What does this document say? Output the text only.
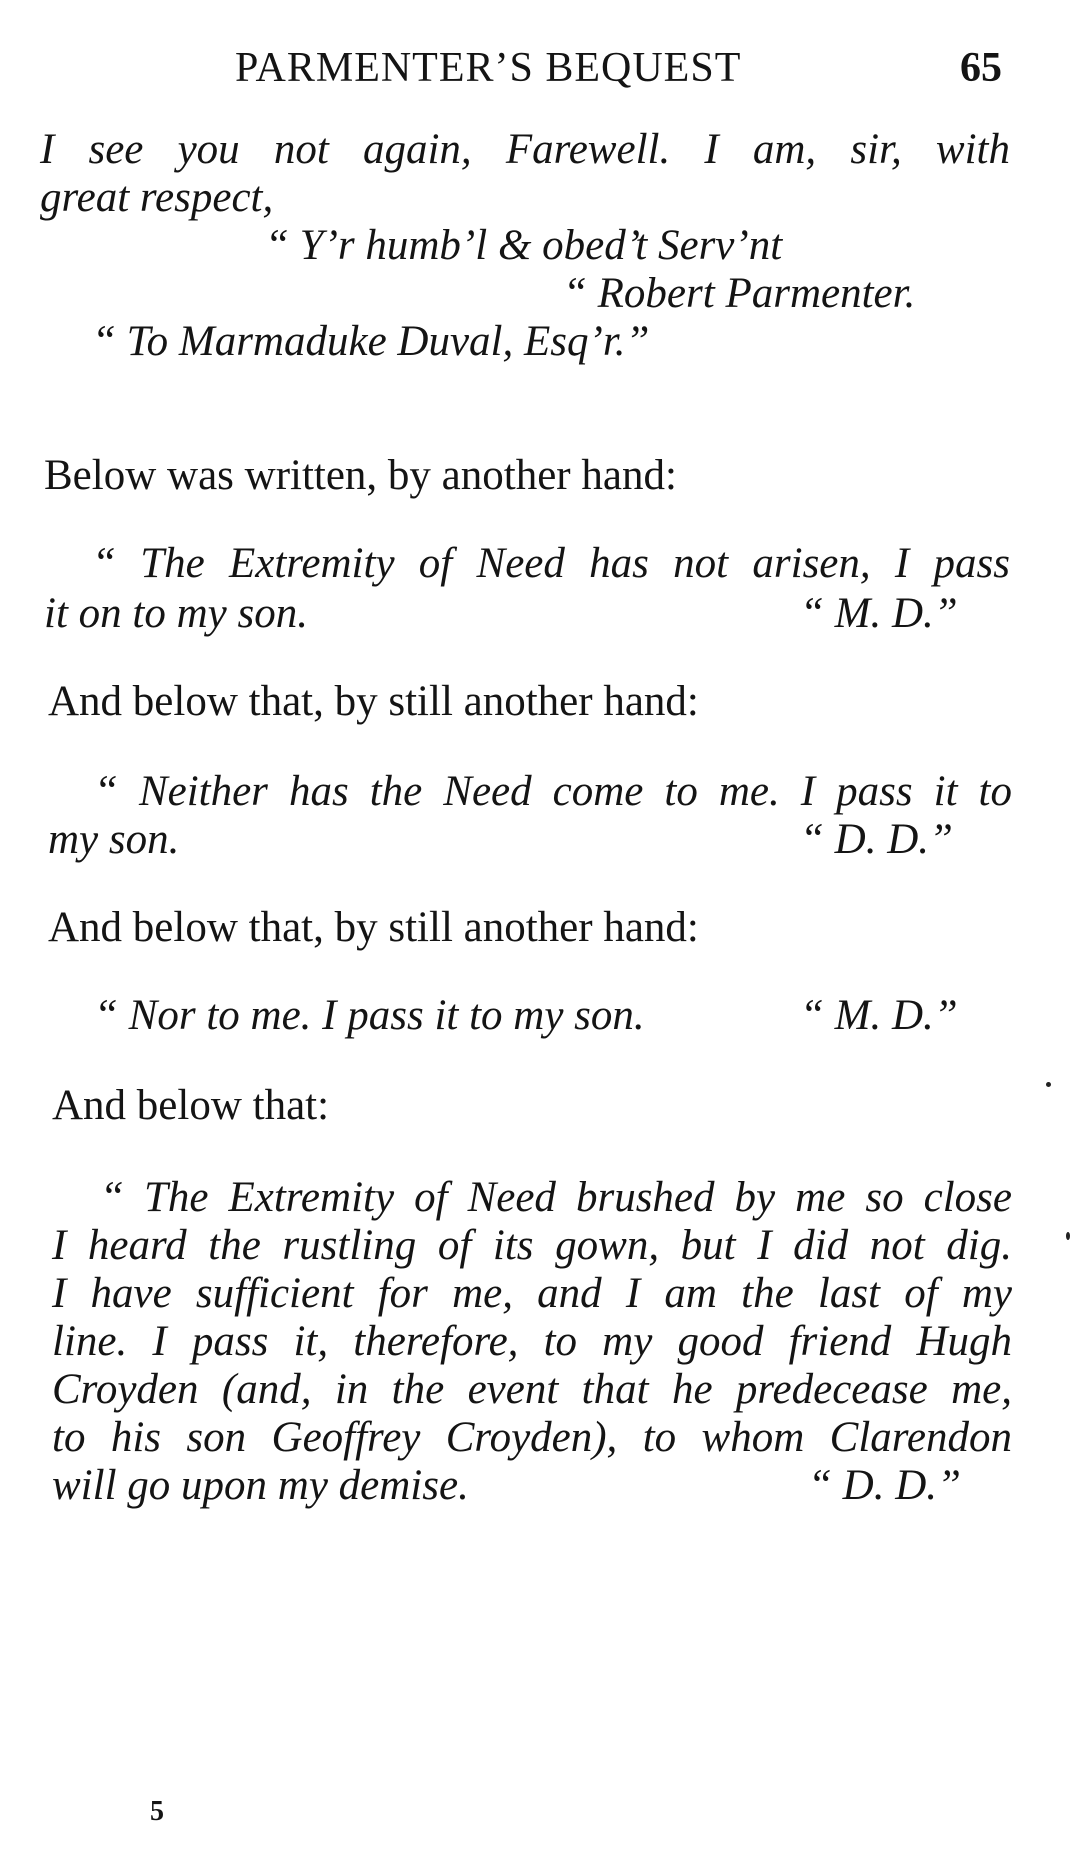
PARMENTER’S BEQUEST	65
I see you not again, Farewell. I am, sir, with
great respect,
“ Y’r humb’l & obed’t Serv’nt
“ Robert Parmenter.
“ To Marmaduke Duval, Esq’r.”
Below was written, by another hand:
“ The Extremity of Need has not arisen, I pass
it on to my son.	“ M. D.”
And below that, by still another hand:
“ Neither has the Need come to me. I pass it to
my son.	“ D. D.”
And below that, by still another hand:
“ Nor to me. I pass it to my son.	“ M. D.”
And below that:
“ The Extremity of Need brushed by me so close
I heard the rustling of its gown, but I did not dig.
I have sufficient for me, and I am the last of my
line. I pass it, therefore, to my good friend Hugh
Croyden (and, in the event that he predecease me,
to his son Geoffrey Croyden), to whom Clarendon
will go upon my demise.	“ D. D.”
5
